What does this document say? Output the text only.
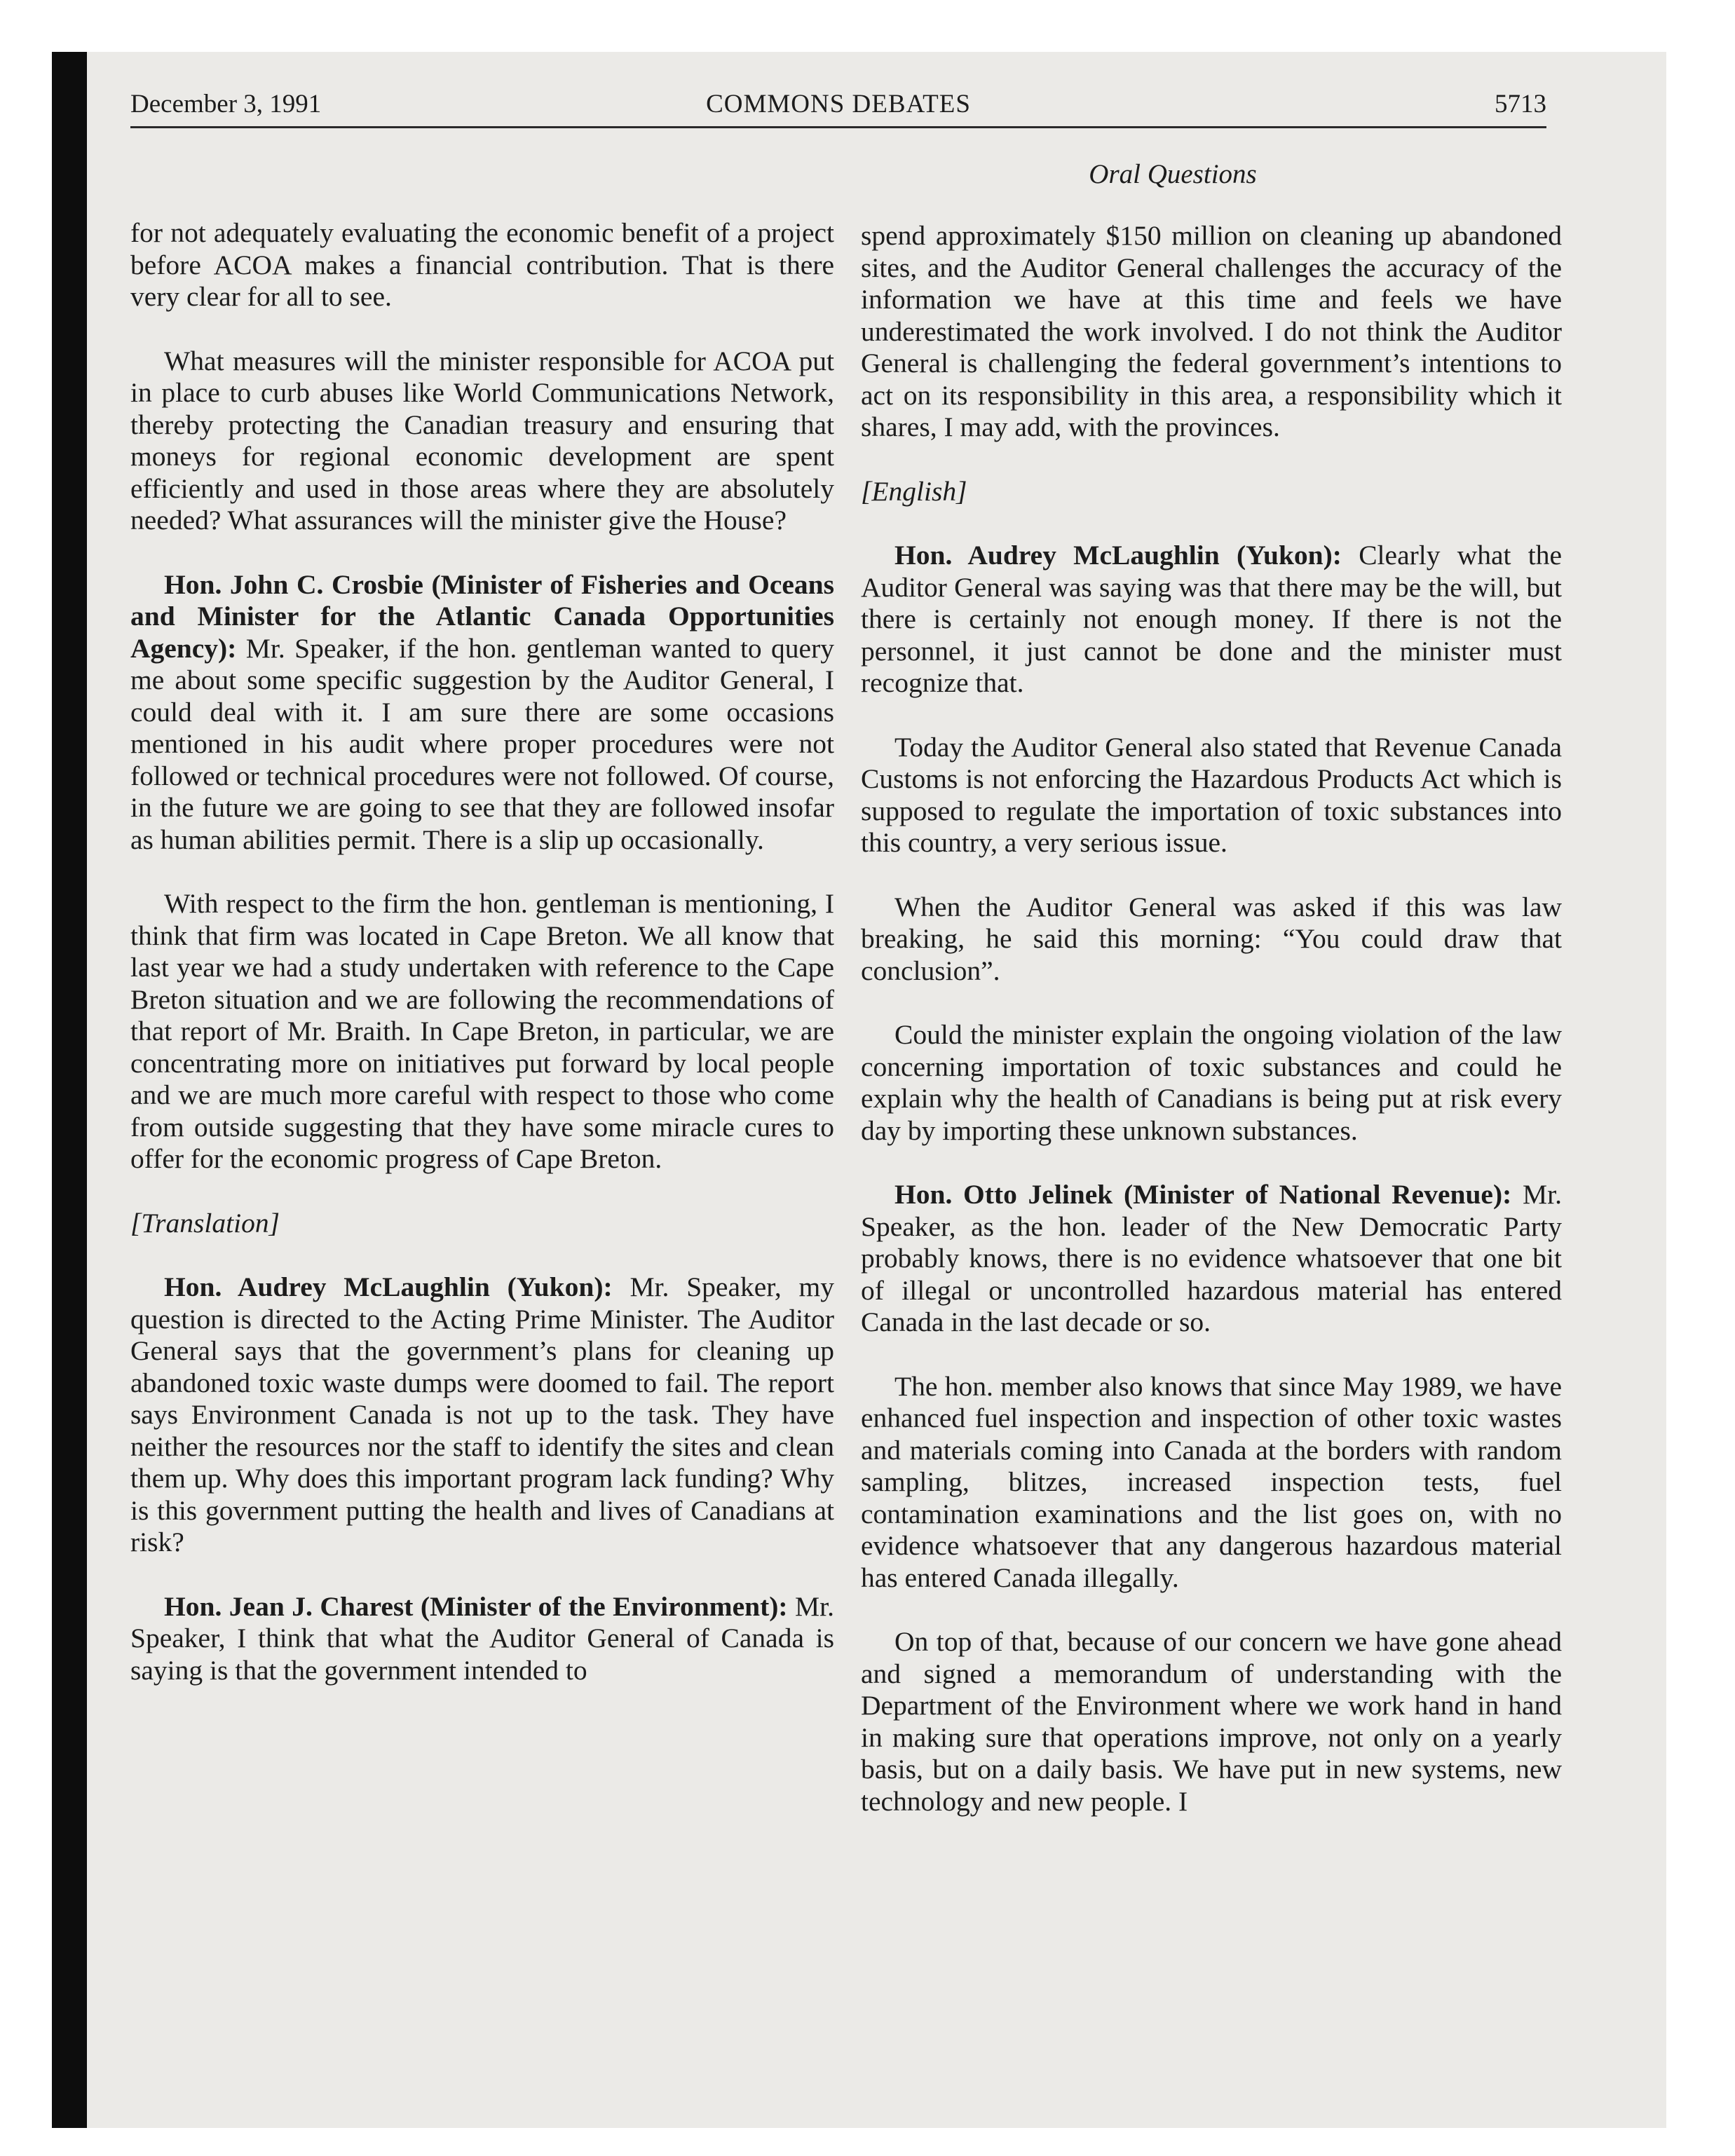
December 3, 1991	COMMONS DEBATES	5713
Oral Questions

for not adequately evaluating the economic benefit of a project before ACOA makes a financial contribution. That is there very clear for all to see.

What measures will the minister responsible for ACOA put in place to curb abuses like World Communications Network, thereby protecting the Canadian treasury and ensuring that moneys for regional economic development are spent efficiently and used in those areas where they are absolutely needed? What assurances will the minister give the House?

Hon. John C. Crosbie (Minister of Fisheries and Oceans and Minister for the Atlantic Canada Opportunities Agency): Mr. Speaker, if the hon. gentleman wanted to query me about some specific suggestion by the Auditor General, I could deal with it. I am sure there are some occasions mentioned in his audit where proper procedures were not followed or technical procedures were not followed. Of course, in the future we are going to see that they are followed insofar as human abilities permit. There is a slip up occasionally.

With respect to the firm the hon. gentleman is mentioning, I think that firm was located in Cape Breton. We all know that last year we had a study undertaken with reference to the Cape Breton situation and we are following the recommendations of that report of Mr. Braith. In Cape Breton, in particular, we are concentrating more on initiatives put forward by local people and we are much more careful with respect to those who come from outside suggesting that they have some miracle cures to offer for the economic progress of Cape Breton.

[Translation]

Hon. Audrey McLaughlin (Yukon): Mr. Speaker, my question is directed to the Acting Prime Minister. The Auditor General says that the government’s plans for cleaning up abandoned toxic waste dumps were doomed to fail. The report says Environment Canada is not up to the task. They have neither the resources nor the staff to identify the sites and clean them up. Why does this important program lack funding? Why is this government putting the health and lives of Canadians at risk?

Hon. Jean J. Charest (Minister of the Environment): Mr. Speaker, I think that what the Auditor General of Canada is saying is that the government intended to

spend approximately $150 million on cleaning up abandoned sites, and the Auditor General challenges the accuracy of the information we have at this time and feels we have underestimated the work involved. I do not think the Auditor General is challenging the federal government’s intentions to act on its responsibility in this area, a responsibility which it shares, I may add, with the provinces.

[English]

Hon. Audrey McLaughlin (Yukon): Clearly what the Auditor General was saying was that there may be the will, but there is certainly not enough money. If there is not the personnel, it just cannot be done and the minister must recognize that.

Today the Auditor General also stated that Revenue Canada Customs is not enforcing the Hazardous Products Act which is supposed to regulate the importation of toxic substances into this country, a very serious issue.

When the Auditor General was asked if this was law breaking, he said this morning: “You could draw that conclusion”.

Could the minister explain the ongoing violation of the law concerning importation of toxic substances and could he explain why the health of Canadians is being put at risk every day by importing these unknown substances.

Hon. Otto Jelinek (Minister of National Revenue): Mr. Speaker, as the hon. leader of the New Democratic Party probably knows, there is no evidence whatsoever that one bit of illegal or uncontrolled hazardous material has entered Canada in the last decade or so.

The hon. member also knows that since May 1989, we have enhanced fuel inspection and inspection of other toxic wastes and materials coming into Canada at the borders with random sampling, blitzes, increased inspection tests, fuel contamination examinations and the list goes on, with no evidence whatsoever that any dangerous hazardous material has entered Canada illegally.

On top of that, because of our concern we have gone ahead and signed a memorandum of understanding with the Department of the Environment where we work hand in hand in making sure that operations improve, not only on a yearly basis, but on a daily basis. We have put in new systems, new technology and new people. I
